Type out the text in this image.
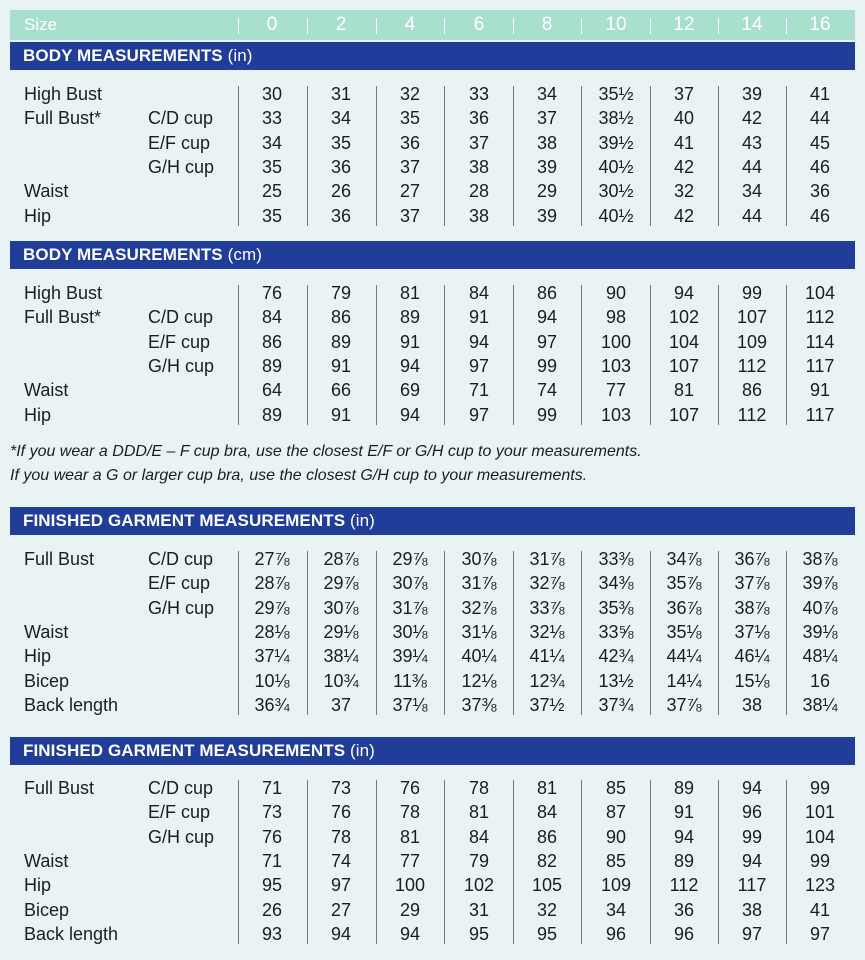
Size	0	2	4	6	8	10	12	14	16
BODY MEASUREMENTS (in)
High Bust	30	31	32	33	34	35½	37	39	41
Full Bust*	C/D cup	33	34	35	36	37	38½	40	42	44
E/F cup	34	35	36	37	38	39½	41	43	45
G/H cup	35	36	37	38	39	40½	42	44	46
Waist	25	26	27	28	29	30½	32	34	36
Hip	35	36	37	38	39	40½	42	44	46
BODY MEASUREMENTS (cm)
High Bust	76	79	81	84	86	90	94	99	104
Full Bust*	C/D cup	84	86	89	91	94	98	102	107	112
E/F cup	86	89	91	94	97	100	104	109	114
G/H cup	89	91	94	97	99	103	107	112	117
Waist	64	66	69	71	74	77	81	86	91
Hip	89	91	94	97	99	103	107	112	117
FINISHED GARMENT MEASUREMENTS (in)
Full Bust	C/D cup	27⅞	28⅞	29⅞	30⅞	31⅞	33⅜	34⅞	36⅞	38⅞
E/F cup	28⅞	29⅞	30⅞	31⅞	32⅞	34⅜	35⅞	37⅞	39⅞
G/H cup	29⅞	30⅞	31⅞	32⅞	33⅞	35⅜	36⅞	38⅞	40⅞
Waist	28⅛	29⅛	30⅛	31⅛	32⅛	33⅝	35⅛	37⅛	39⅛
Hip	37¼	38¼	39¼	40¼	41¼	42¾	44¼	46¼	48¼
Bicep	10⅛	10¾	11⅜	12⅛	12¾	13½	14¼	15⅛	16
Back length	36¾	37	37⅛	37⅜	37½	37¾	37⅞	38	38¼
FINISHED GARMENT MEASUREMENTS (in)
Full Bust	C/D cup	71	73	76	78	81	85	89	94	99
E/F cup	73	76	78	81	84	87	91	96	101
G/H cup	76	78	81	84	86	90	94	99	104
Waist	71	74	77	79	82	85	89	94	99
Hip	95	97	100	102	105	109	112	117	123
Bicep	26	27	29	31	32	34	36	38	41
Back length	93	94	94	95	95	96	96	97	97
*If you wear a DDD/E – F cup bra, use the closest E/F or G/H cup to your measurements.
If you wear a G or larger cup bra, use the closest G/H cup to your measurements.
